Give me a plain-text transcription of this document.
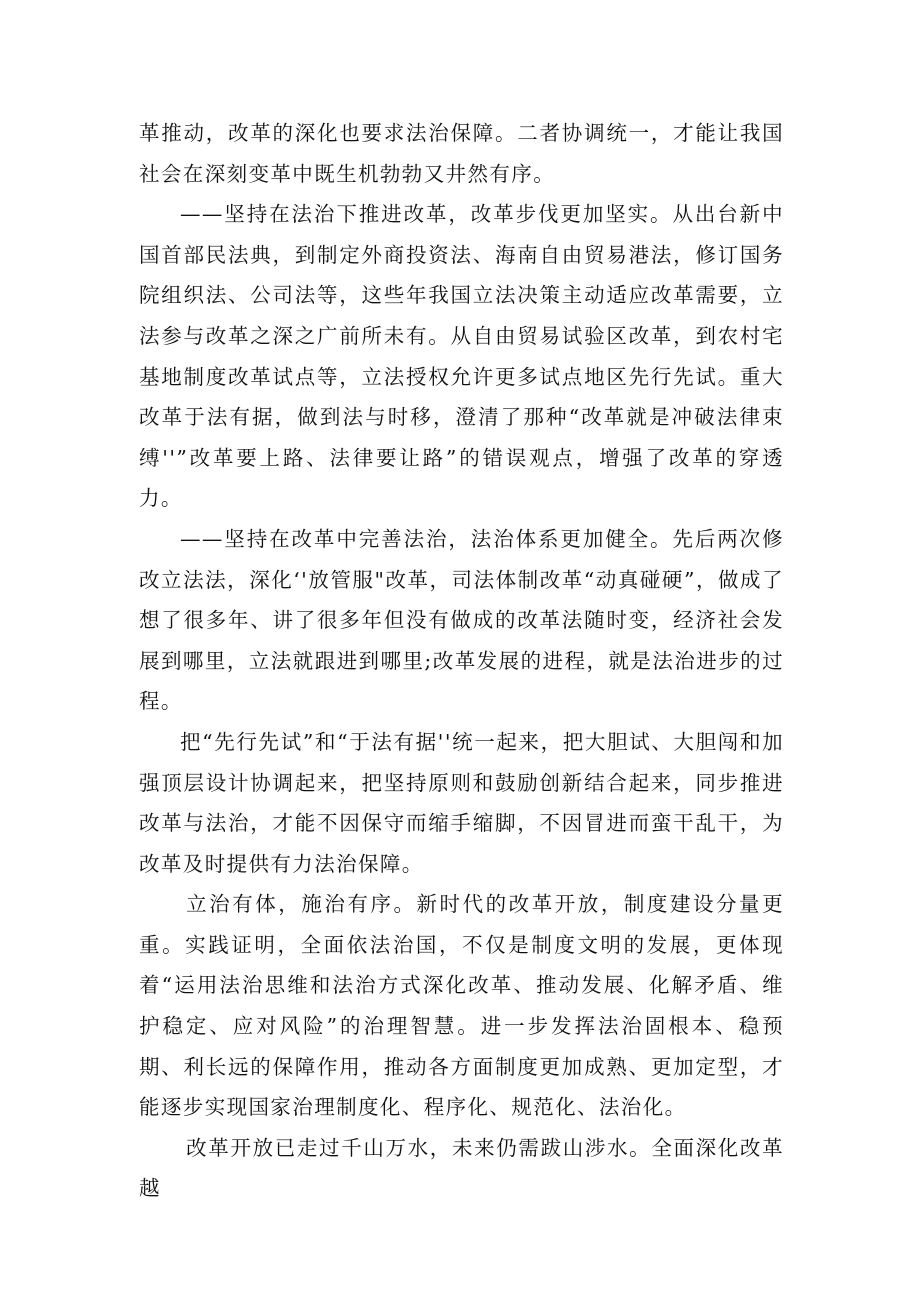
革推动，改革的深化也要求法治保障。二者协调统一，才能让我国社会在深刻变革中既生机勃勃又井然有序。

——坚持在法治下推进改革，改革步伐更加坚实。从出台新中国首部民法典，到制定外商投资法、海南自由贸易港法，修订国务院组织法、公司法等，这些年我国立法决策主动适应改革需要，立法参与改革之深之广前所未有。从自由贸易试验区改革，到农村宅基地制度改革试点等，立法授权允许更多试点地区先行先试。重大改革于法有据，做到法与时移，澄清了那种“改革就是冲破法律束缚''”改革要上路、法律要让路”的错误观点，增强了改革的穿透力。

——坚持在改革中完善法治，法治体系更加健全。先后两次修改立法法，深化‘'放管服"改革，司法体制改革“动真碰硬”，做成了想了很多年、讲了很多年但没有做成的改革法随时变，经济社会发展到哪里，立法就跟进到哪里;改革发展的进程，就是法治进步的过程。

把“先行先试”和“于法有据''统一起来，把大胆试、大胆闯和加强顶层设计协调起来，把坚持原则和鼓励创新结合起来，同步推进改革与法治，才能不因保守而缩手缩脚，不因冒进而蛮干乱干，为改革及时提供有力法治保障。

立治有体，施治有序。新时代的改革开放，制度建设分量更重。实践证明，全面依法治国，不仅是制度文明的发展，更体现着“运用法治思维和法治方式深化改革、推动发展、化解矛盾、维护稳定、应对风险”的治理智慧。进一步发挥法治固根本、稳预期、利长远的保障作用，推动各方面制度更加成熟、更加定型，才能逐步实现国家治理制度化、程序化、规范化、法治化。

改革开放已走过千山万水，未来仍需跋山涉水。全面深化改革越
